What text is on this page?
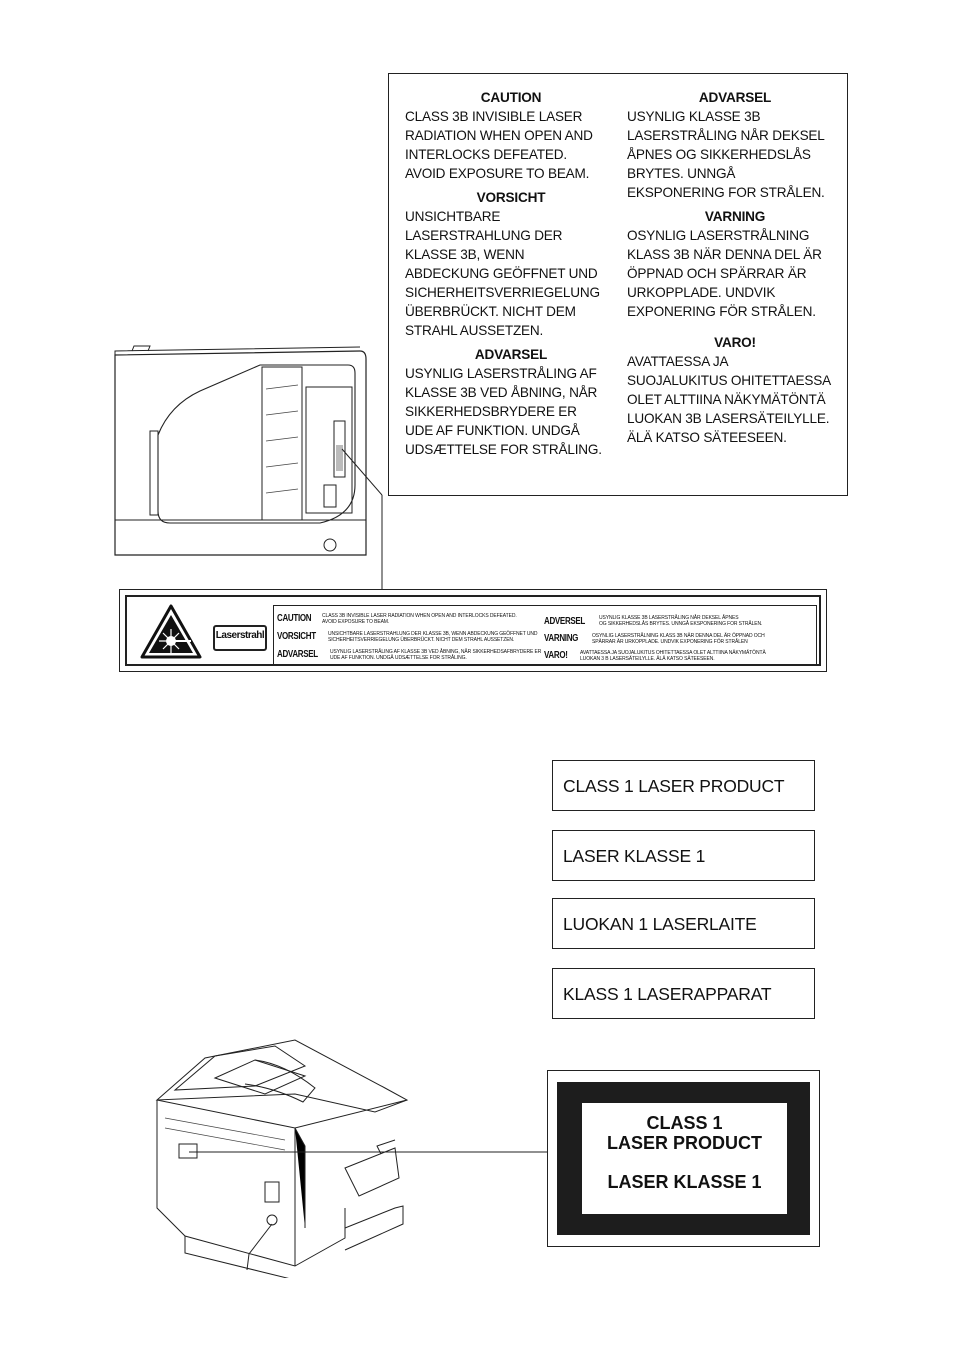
CAUTION
CLASS 3B INVISIBLE LASER
RADIATION WHEN OPEN AND
INTERLOCKS DEFEATED.
AVOID EXPOSURE TO BEAM.
VORSICHT
UNSICHTBARE
LASERSTRAHLUNG DER
KLASSE 3B, WENN
ABDECKUNG GEÖFFNET UND
SICHERHEITSVERRIEGELUNG
ÜBERBRÜCKT. NICHT DEM
STRAHL AUSSETZEN.
ADVARSEL
USYNLIG LASERSTRÅLING AF
KLASSE 3B VED ÅBNING, NÅR
SIKKERHEDSBRYDERE ER
UDE AF FUNKTION. UNDGÅ
UDSÆTTELSE FOR STRÅLING.
ADVARSEL
USYNLIG KLASSE 3B
LASERSTRÅLING NÅR DEKSEL
ÅPNES OG SIKKERHEDSLÅS
BRYTES. UNNGÅ
EKSPONERING FOR STRÅLEN.
VARNING
OSYNLIG LASERSTRÅLNING
KLASS 3B NÄR DENNA DEL ÄR
ÖPPNAD OCH SPÄRRAR ÄR
URKOPPLADE. UNDVIK
EXPONERING FÖR STRÅLEN.
VARO!
AVATTAESSA JA
SUOJALUKITUS OHITETTAESSA
OLET ALTTIINA NÄKYMÄTÖNTÄ
LUOKAN 3B LASERSÄTEILYLLE.
ÄLÄ KATSO SÄTEESEEN.
Laserstrahl
CAUTION CLASS 3B INVISIBLE LASER RADIATION WHEN OPEN AND INTERLOCKS DEFEATED.
AVOID EXPOSURE TO BEAM.
VORSICHT UNSICHTBARE LASERSTRAHLUNG DER KLASSE 3B, WENN ABDECKUNG GEÖFFNET UND
SICHERHEITSVERRIEGELUNG ÜBERBRÜCKT. NICHT DEM STRAHL AUSSETZEN.
ADVARSEL USYNLIG LASERSTRÅLING AF KLASSE 3B VED ÅBNING, NÅR SIKKERHEDSAFBRYDERE ER
UDE AF FUNKTION. UNDGÅ UDSÆTTELSE FOR STRÅLING.
ADVERSEL	USYNLIG KLASSE 3B LASERSTRÅLING NÅR DEKSEL ÅPNES
OG SIKKERHEDSLÅS BRYTES. UNNGÅ EKSPONERING FOR STRÅLEN.
VARNING	OSYNLIG LASERSTRÅLNING KLASS 3B NÄR DENNA DEL ÄR ÖPPNAD OCH
SPÄRRAR ÄR URKOPPLADE. UNDVIK EXPONERING FÖR STRÅLEN
VARO! AVATTAESSA JA SUOJALUKITUS OHITETTAESSA OLET ALTTIINA NÄKYMÄTÖNTÄ
LUOKAN 3 B LASERSÄTEILYLLE. ÄLÄ KATSO SÄTEESEEN.
CLASS 1 LASER PRODUCT
LASER KLASSE 1
LUOKAN 1 LASERLAITE
KLASS 1 LASERAPPARAT
CLASS 1
LASER PRODUCT
LASER KLASSE 1
